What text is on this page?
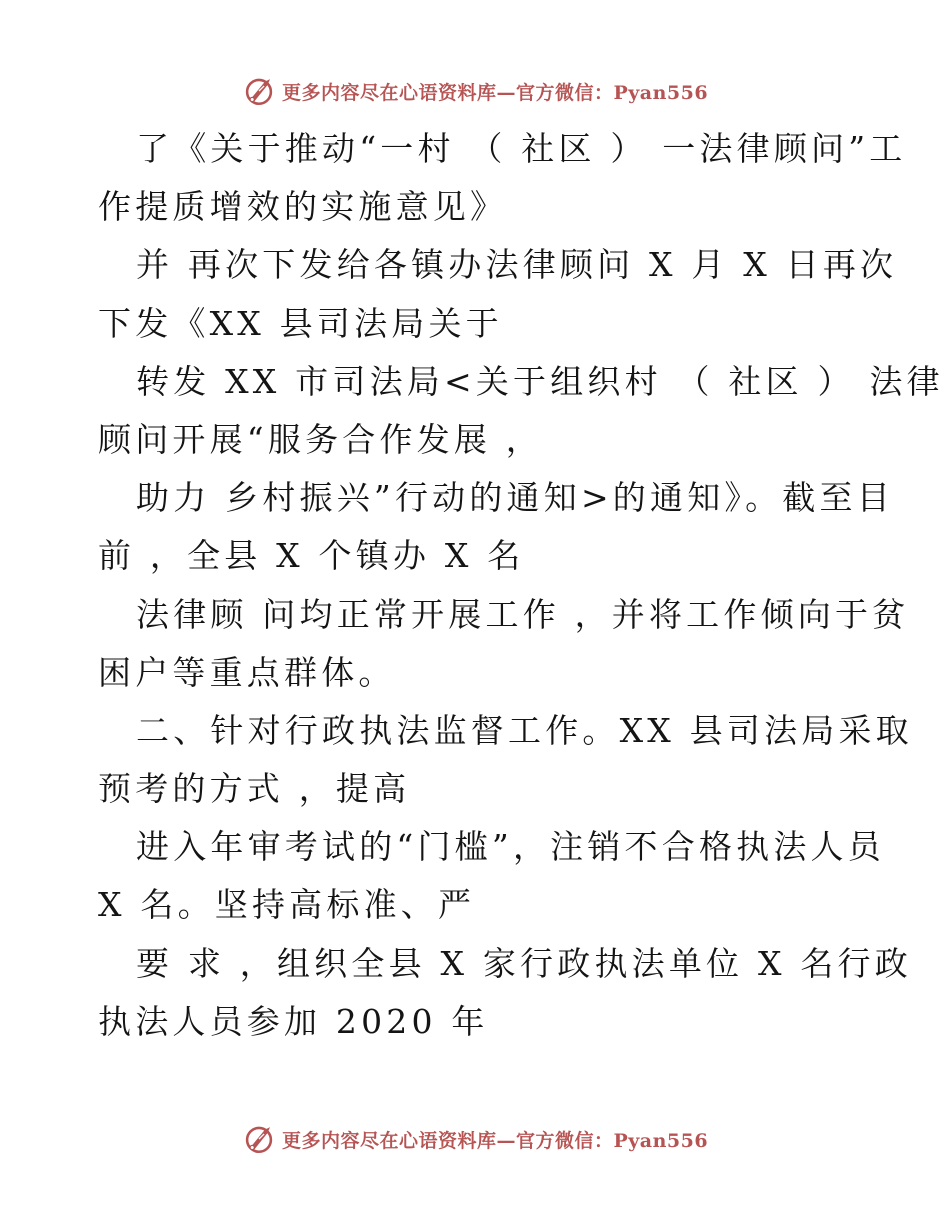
更多内容尽在心语资料库—官方微信：Pyan556
了《关于推动“一村 （ 社区 ） 一法律顾问”工
作提质增效的实施意见》
并 再次下发给各镇办法律顾问 X 月 X 日再次
下发《XX 县司法局关于
转发 XX 市司法局<关于组织村 （ 社区 ） 法律
顾问开展“服务合作发展 ，
助力 乡村振兴”行动的通知>的通知》。截至目
前 ，全县 X 个镇办 X 名
法律顾 问均正常开展工作 ，并将工作倾向于贫
困户等重点群体。
二、针对行政执法监督工作。XX 县司法局采取
预考的方式 ，提高
进入年审考试的“门槛”，注销不合格执法人员
X 名。坚持高标准、严
要 求 ，组织全县 X 家行政执法单位 X 名行政
执法人员参加 2020 年
更多内容尽在心语资料库—官方微信：Pyan556
